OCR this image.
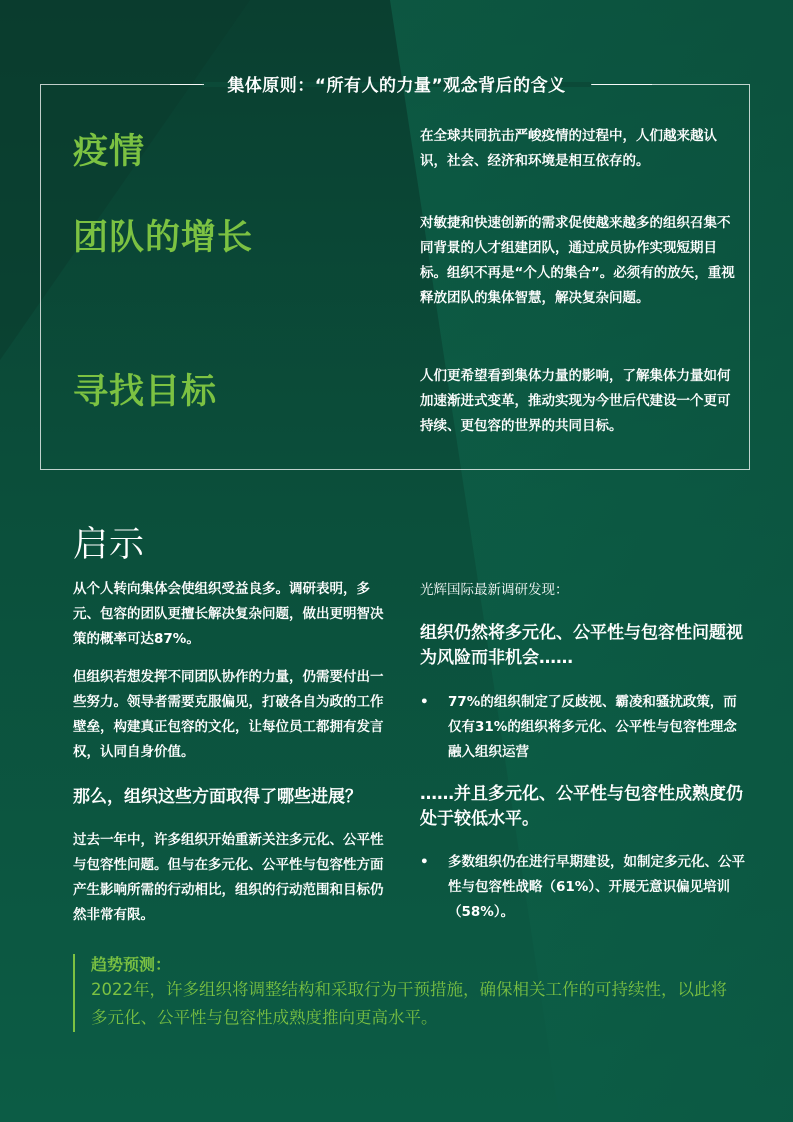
集体原则：“所有人的力量”观念背后的含义
疫情	在全球共同抗击严峻疫情的过程中，人们越来越认识，社会、经济和环境是相互依存的。
团队的增长	对敏捷和快速创新的需求促使越来越多的组织召集不同背景的人才组建团队，通过成员协作实现短期目标。组织不再是“个人的集合”。必须有的放矢，重视释放团队的集体智慧，解决复杂问题。
寻找目标	人们更希望看到集体力量的影响，了解集体力量如何加速渐进式变革，推动实现为今世后代建设一个更可持续、更包容的世界的共同目标。
启示
从个人转向集体会使组织受益良多。调研表明，多元、包容的团队更擅长解决复杂问题，做出更明智决策的概率可达87%。
但组织若想发挥不同团队协作的力量，仍需要付出一些努力。领导者需要克服偏见，打破各自为政的工作壁垒，构建真正包容的文化，让每位员工都拥有发言权，认同自身价值。
那么，组织这些方面取得了哪些进展？
过去一年中，许多组织开始重新关注多元化、公平性与包容性问题。但与在多元化、公平性与包容性方面产生影响所需的行动相比，组织的行动范围和目标仍然非常有限。
光辉国际最新调研发现：
组织仍然将多元化、公平性与包容性问题视为风险而非机会……
• 77%的组织制定了反歧视、霸凌和骚扰政策，而仅有31%的组织将多元化、公平性与包容性理念融入组织运营
……并且多元化、公平性与包容性成熟度仍处于较低水平。
• 多数组织仍在进行早期建设，如制定多元化、公平性与包容性战略（61%）、开展无意识偏见培训（58%）。
趋势预测：
2022年，许多组织将调整结构和采取行为干预措施，确保相关工作的可持续性，以此将多元化、公平性与包容性成熟度推向更高水平。
